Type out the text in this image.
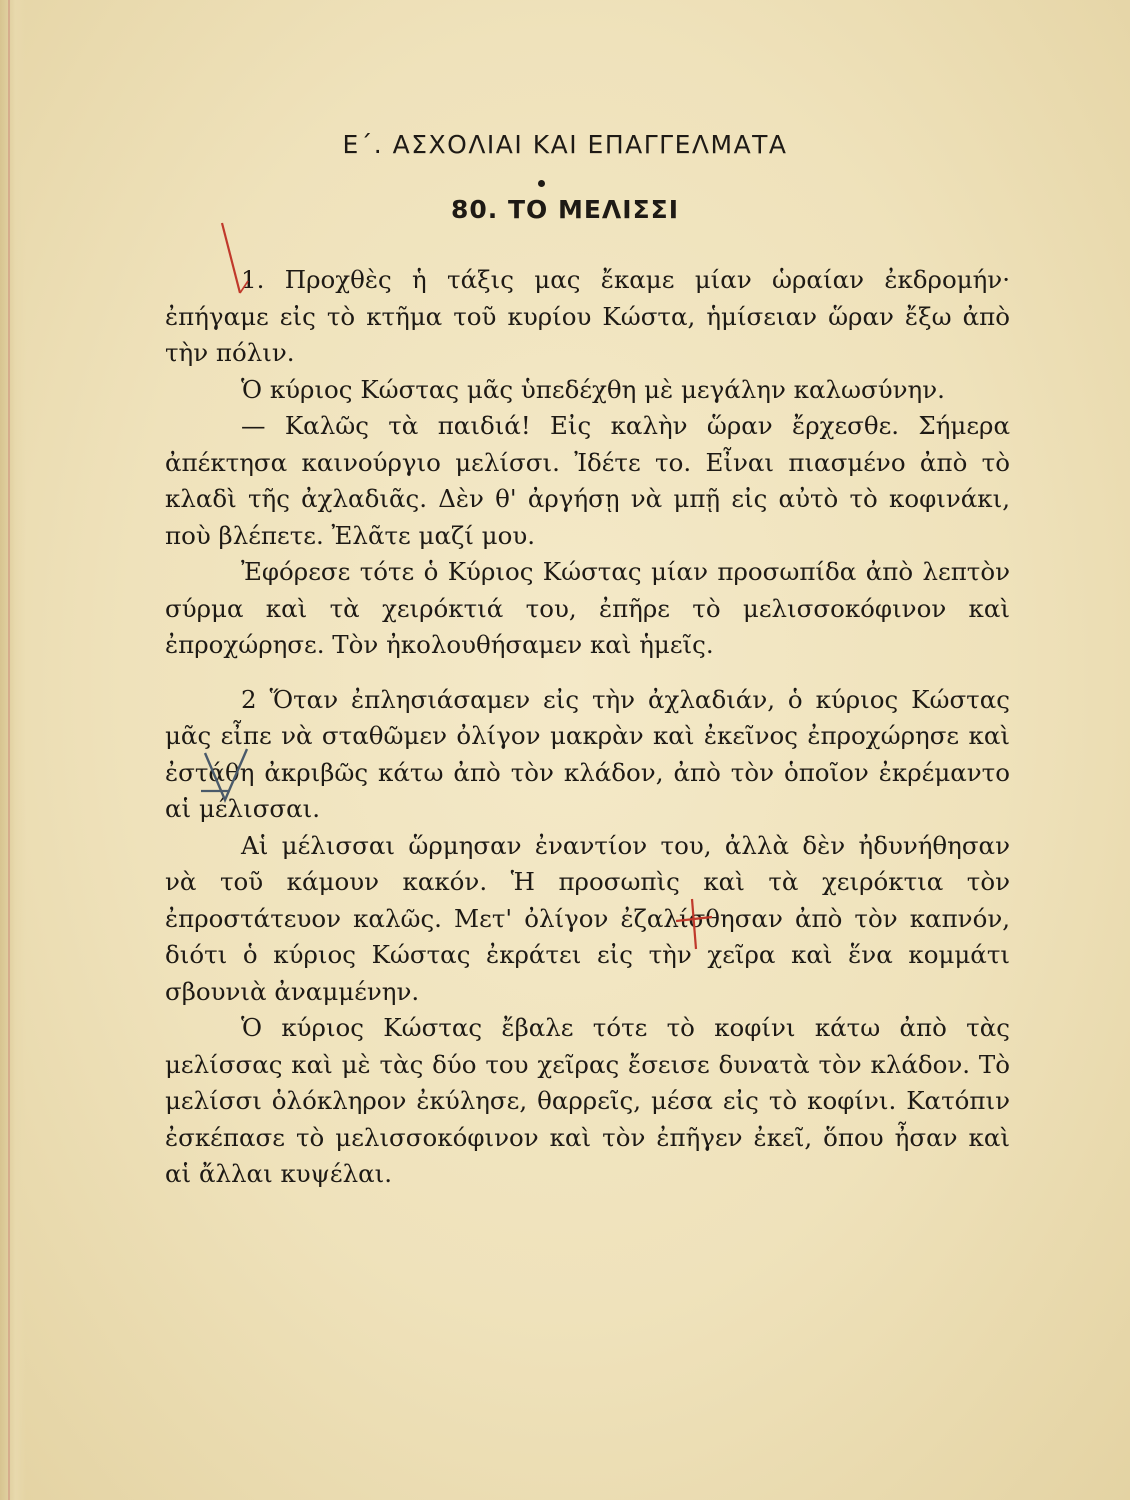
Ε΄. ΑΣΧΟΛΙΑΙ ΚΑΙ ΕΠΑΓΓΕΛΜΑΤΑ
80. ΤΟ ΜΕΛΙΣΣΙ

1. Προχθὲς ἡ τάξις μας ἔκαμε μίαν ὡραίαν ἐκδρομήν· ἐπήγαμε εἰς τὸ κτῆμα τοῦ κυρίου Κώστα, ἡμίσειαν ὥραν ἔξω ἀπὸ τὴν πόλιν.

Ὁ κύριος Κώστας μᾶς ὑπεδέχθη μὲ μεγάλην καλωσύνην.

— Καλῶς τὰ παιδιά! Εἰς καλὴν ὥραν ἔρχεσθε. Σήμερα ἀπέκτησα καινούργιο μελίσσι. Ἰδέτε το. Εἶναι πιασμένο ἀπὸ τὸ κλαδὶ τῆς ἀχλαδιᾶς. Δὲν θ' ἀργήσῃ νὰ μπῇ εἰς αὐτὸ τὸ κοφινάκι, ποὺ βλέπετε. Ἐλᾶτε μαζί μου.

Ἐφόρεσε τότε ὁ Κύριος Κώστας μίαν προσωπίδα ἀπὸ λεπτὸν σύρμα καὶ τὰ χειρόκτιά του, ἐπῆρε τὸ μελισσοκόφινον καὶ ἐπροχώρησε. Τὸν ἠκολουθήσαμεν καὶ ἡμεῖς.

2 Ὅταν ἐπλησιάσαμεν εἰς τὴν ἀχλαδιάν, ὁ κύριος Κώστας μᾶς εἶπε νὰ σταθῶμεν ὀλίγον μακρὰν καὶ ἐκεῖνος ἐπροχώρησε καὶ ἐστάθη ἀκριβῶς κάτω ἀπὸ τὸν κλάδον, ἀπὸ τὸν ὁποῖον ἐκρέμαντο αἱ μέλισσαι.

Αἱ μέλισσαι ὥρμησαν ἐναντίον του, ἀλλὰ δὲν ἠδυνήθησαν νὰ τοῦ κάμουν κακόν. Ἡ προσωπὶς καὶ τὰ χειρόκτια τὸν ἐπροστάτευον καλῶς. Μετ' ὀλίγον ἐζαλίσθησαν ἀπὸ τὸν καπνόν, διότι ὁ κύριος Κώστας ἐκράτει εἰς τὴν χεῖρα καὶ ἕνα κομμάτι σβουνιὰ ἀναμμένην.

Ὁ κύριος Κώστας ἔβαλε τότε τὸ κοφίνι κάτω ἀπὸ τὰς μελίσσας καὶ μὲ τὰς δύο του χεῖρας ἔσεισε δυνατὰ τὸν κλάδον. Τὸ μελίσσι ὁλόκληρον ἐκύλησε, θαρρεῖς, μέσα εἰς τὸ κοφίνι. Κατόπιν ἐσκέπασε τὸ μελισσοκόφινον καὶ τὸν ἐπῆγεν ἐκεῖ, ὅπου ἦσαν καὶ αἱ ἄλλαι κυψέλαι.
